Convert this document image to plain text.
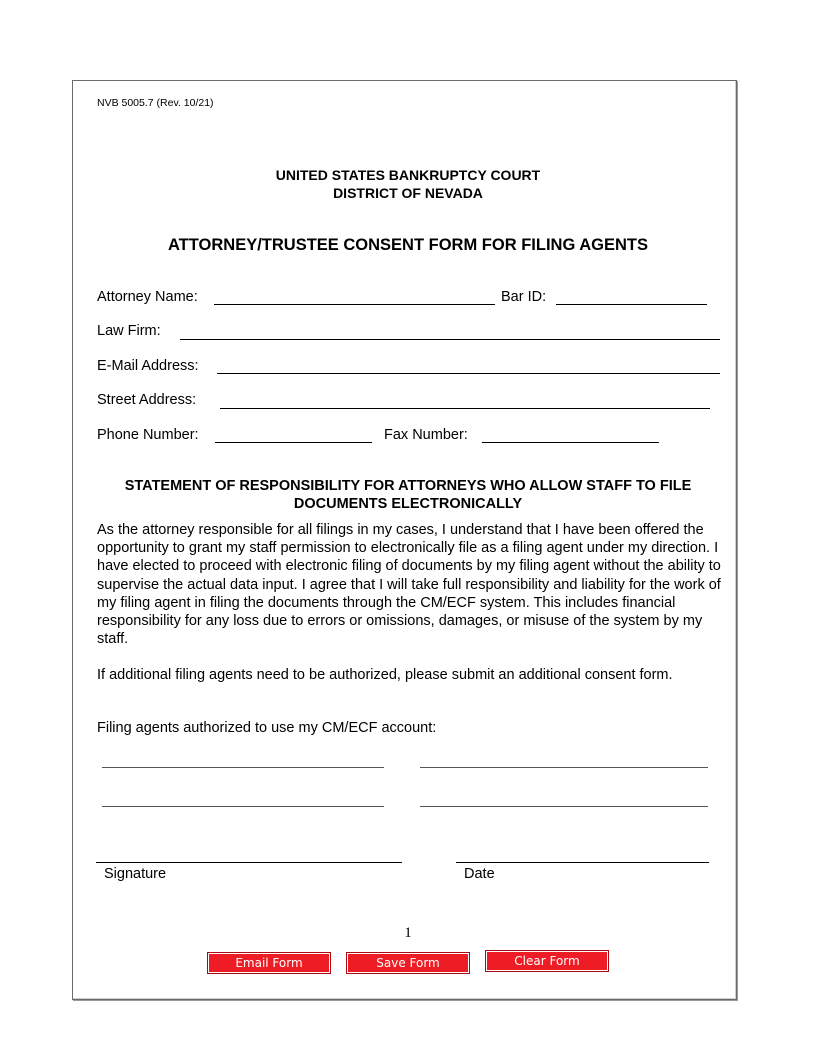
NVB 5005.7 (Rev. 10/21)
UNITED STATES BANKRUPTCY COURT
DISTRICT OF NEVADA
ATTORNEY/TRUSTEE CONSENT FORM FOR FILING AGENTS
Attorney Name:	Bar ID:
Law Firm:
E-Mail Address:
Street Address:
Phone Number:	Fax Number:
STATEMENT OF RESPONSIBILITY FOR ATTORNEYS WHO ALLOW STAFF TO FILE DOCUMENTS ELECTRONICALLY
As the attorney responsible for all filings in my cases, I understand that I have been offered the opportunity to grant my staff permission to electronically file as a filing agent under my direction. I have elected to proceed with electronic filing of documents by my filing agent without the ability to supervise the actual data input. I agree that I will take full responsibility and liability for the work of my filing agent in filing the documents through the CM/ECF system. This includes financial responsibility for any loss due to errors or omissions, damages, or misuse of the system by my staff.
If additional filing agents need to be authorized, please submit an additional consent form.
Filing agents authorized to use my CM/ECF account:
Signature	Date
1
Email Form	Save Form	Clear Form
